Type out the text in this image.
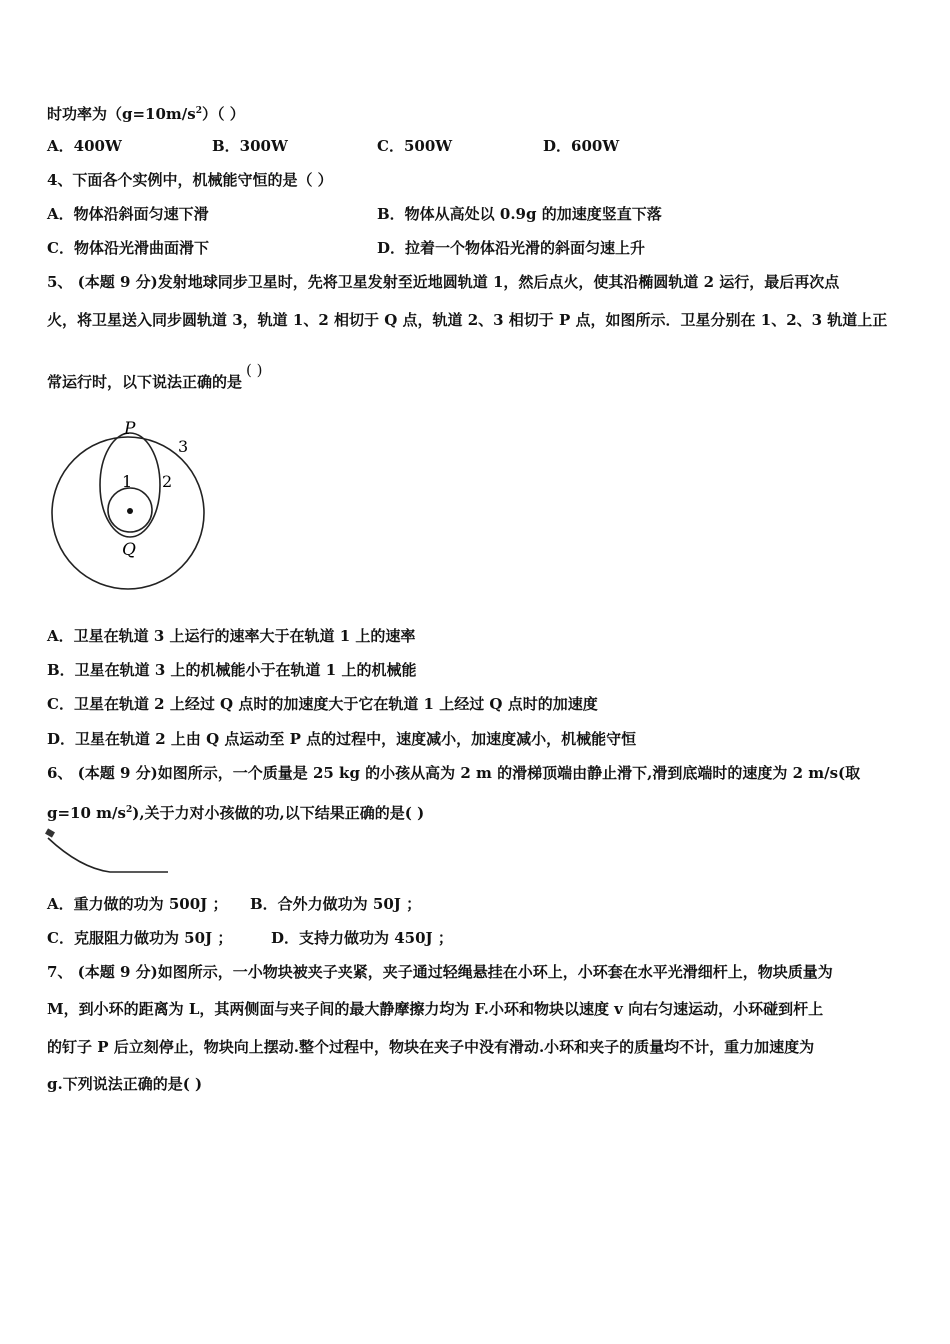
时功率为$(g=10m/s^2)$（ ）
A．400W	B．300W	C．500W	D．600W
4、下面各个实例中，机械能守恒的是（ ）
A．物体沿斜面匀速下滑	B．物体从高处以 0.9g 的加速度竖直下落
C．物体沿光滑曲面滑下	D．拉着一个物体沿光滑的斜面匀速上升
5、 (本题 9 分)发射地球同步卫星时，先将卫星发射至近地圆轨道 1，然后点火，使其沿椭圆轨道 2 运行，最后再次点
火，将卫星送入同步圆轨道 3，轨道 1、2 相切于 Q 点，轨道 2、3 相切于 P 点，如图所示．卫星分别在 1、2、3 轨道上正
常运行时，以下说法正确的是( )
P
Q
1 2
3
A．卫星在轨道 3 上运行的速率大于在轨道 1 上的速率
B．卫星在轨道 3 上的机械能小于在轨道 1 上的机械能
C．卫星在轨道 2 上经过 Q 点时的加速度大于它在轨道 1 上经过 Q 点时的加速度
D．卫星在轨道 2 上由 Q 点运动至 P 点的过程中，速度减小，加速度减小，机械能守恒
6、 (本题 9 分)如图所示，一个质量是 25 kg 的小孩从高为 2 m 的滑梯顶端由静止滑下,滑到底端时的速度为 2 m/s(取
g=10 $m/s^2$),关于力对小孩做的功,以下结果正确的是( )
A．重力做的功为 500J ； B．合外力做功为 50J ；
C．克服阻力做功为 50J ；	D．支持力做功为 450J ；
7、 (本题 9 分)如图所示，一小物块被夹子夹紧，夹子通过轻绳悬挂在小环上，小环套在水平光滑细杆上，物块质量为
M，到小环的距离为 L，其两侧面与夹子间的最大静摩擦力均为 F.小环和物块以速度 v 向右匀速运动，小环碰到杆上
的钉子 P 后立刻停止，物块向上摆动.整个过程中，物块在夹子中没有滑动.小环和夹子的质量均不计，重力加速度为
g.下列说法正确的是( )
